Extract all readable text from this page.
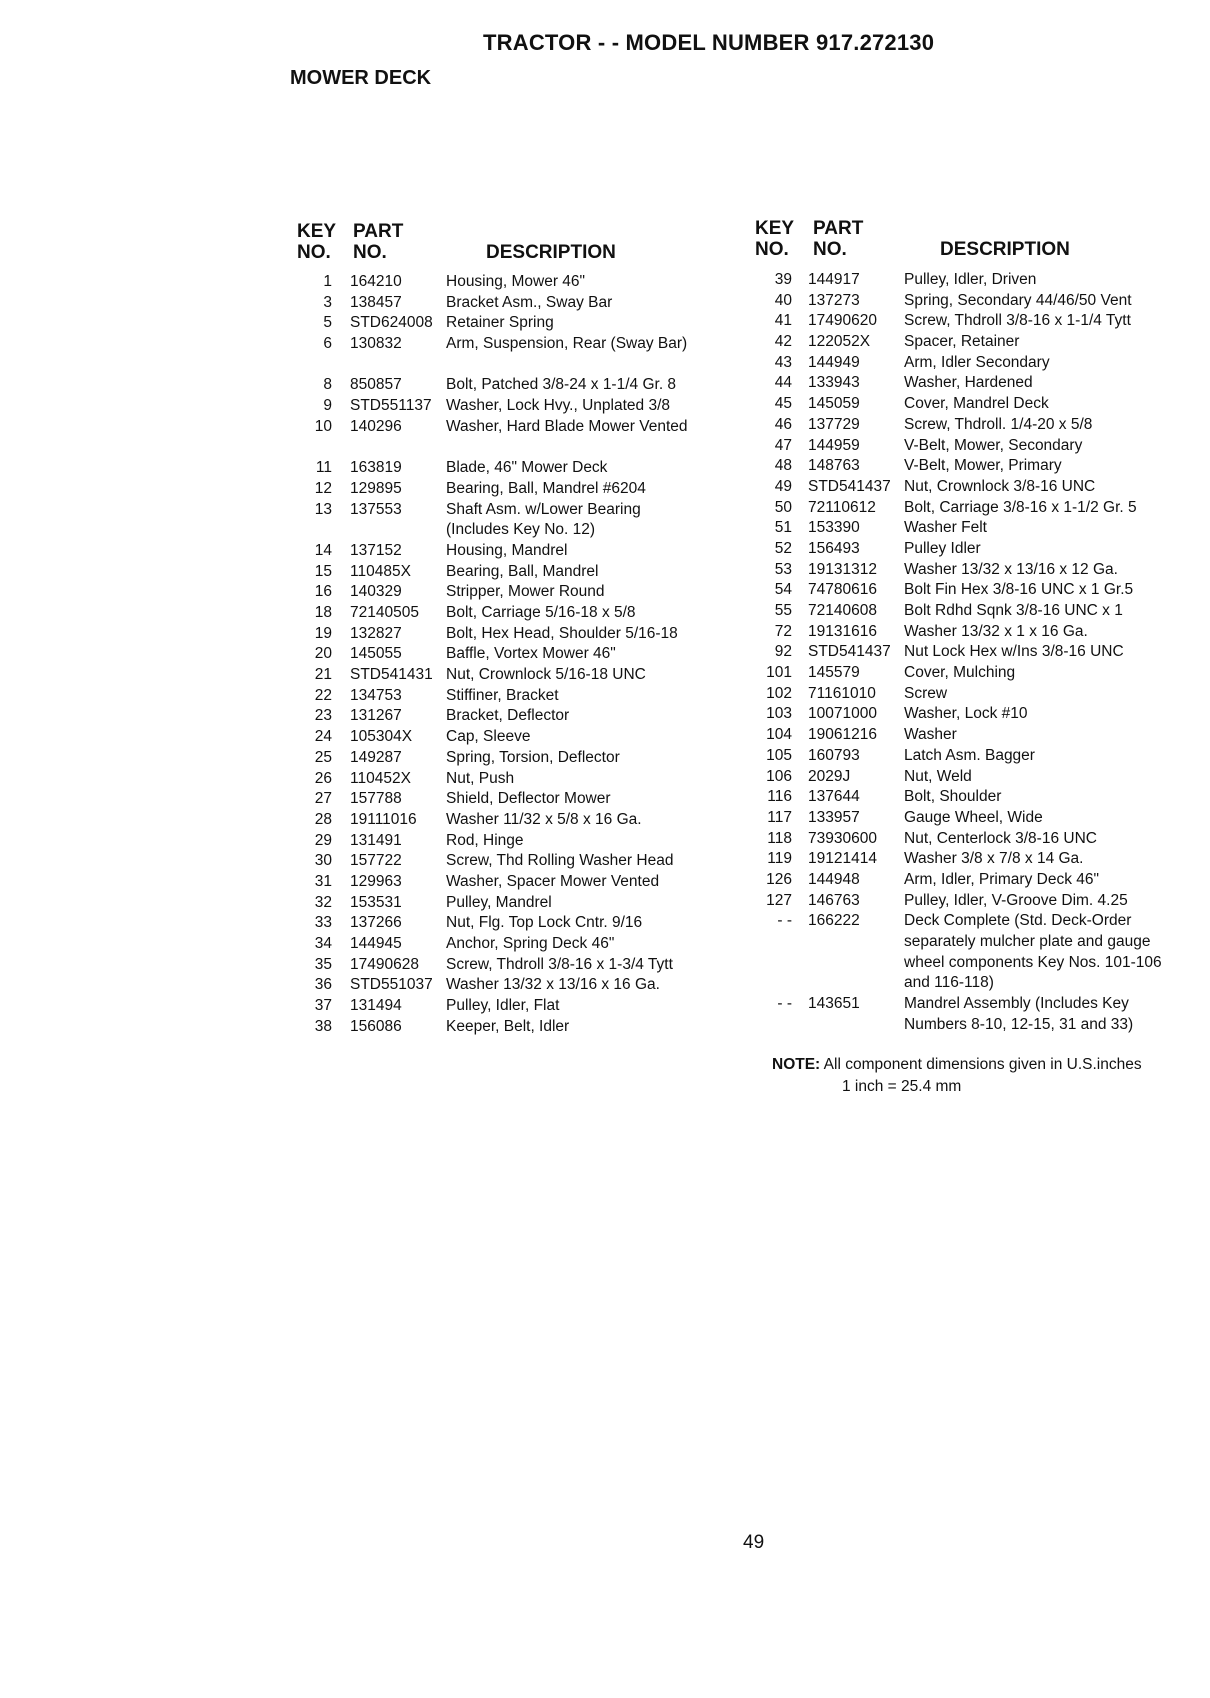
TRACTOR - - MODEL NUMBER 917.272130
MOWER DECK
KEY PART
NO. NO.	DESCRIPTION
KEY PART
NO. NO.	DESCRIPTION
1 164210	Housing, Mower 46"
3 138457	Bracket Asm., Sway Bar
5 STD624008 Retainer Spring
6 130832	Arm, Suspension, Rear (Sway Bar)
8 850857	Bolt, Patched 3/8-24 x 1-1/4 Gr. 8
9 STD551137 Washer, Lock Hvy., Unplated 3/8
10 140296	Washer, Hard Blade Mower Vented
11 163819	Blade, 46" Mower Deck
12 129895	Bearing, Ball, Mandrel #6204
13 137553	Shaft Asm. w/Lower Bearing (Includes Key No. 12)
14 137152	Housing, Mandrel
15 110485X	Bearing, Ball, Mandrel
16 140329	Stripper, Mower Round
18 72140505	Bolt, Carriage 5/16-18 x 5/8
19 132827	Bolt, Hex Head, Shoulder 5/16-18
20 145055	Baffle, Vortex Mower 46"
21 STD541431 Nut, Crownlock 5/16-18 UNC
22 134753	Stiffiner, Bracket
23 131267	Bracket, Deflector
24 105304X	Cap, Sleeve
25 149287	Spring, Torsion, Deflector
26 110452X	Nut, Push
27 157788	Shield, Deflector Mower
28 19111016	Washer 11/32 x 5/8 x 16 Ga.
29 131491	Rod, Hinge
30 157722	Screw, Thd Rolling Washer Head
31 129963	Washer, Spacer Mower Vented
32 153531	Pulley, Mandrel
33 137266	Nut, Flg. Top Lock Cntr. 9/16
34 144945	Anchor, Spring Deck 46"
35 17490628	Screw, Thdroll 3/8-16 x 1-3/4 Tytt
36 STD551037 Washer 13/32 x 13/16 x 16 Ga.
37 131494	Pulley, Idler, Flat
38 156086	Keeper, Belt, Idler
39 144917	Pulley, Idler, Driven
40 137273	Spring, Secondary 44/46/50 Vent
41 17490620	Screw, Thdroll 3/8-16 x 1-1/4 Tytt
42 122052X	Spacer, Retainer
43 144949	Arm, Idler Secondary
44 133943	Washer, Hardened
45 145059	Cover, Mandrel Deck
46 137729	Screw, Thdroll. 1/4-20 x 5/8
47 144959	V-Belt, Mower, Secondary
48 148763	V-Belt, Mower, Primary
49 STD541437 Nut, Crownlock 3/8-16 UNC
50 72110612	Bolt, Carriage 3/8-16 x 1-1/2 Gr. 5
51 153390	Washer Felt
52 156493	Pulley Idler
53 19131312	Washer 13/32 x 13/16 x 12 Ga.
54 74780616	Bolt Fin Hex 3/8-16 UNC x 1 Gr.5
55 72140608	Bolt Rdhd Sqnk 3/8-16 UNC x 1
72 19131616	Washer 13/32 x 1 x 16 Ga.
92 STD541437 Nut Lock Hex w/Ins 3/8-16 UNC
101 145579	Cover, Mulching
102 71161010	Screw
103 10071000	Washer, Lock #10
104 19061216	Washer
105 160793	Latch Asm. Bagger
106 2029J	Nut, Weld
116 137644	Bolt, Shoulder
117 133957	Gauge Wheel, Wide
118 73930600	Nut, Centerlock 3/8-16 UNC
119 19121414	Washer 3/8 x 7/8 x 14 Ga.
126 144948	Arm, Idler, Primary Deck 46"
127 146763	Pulley, Idler, V-Groove Dim. 4.25
- - 166222	Deck Complete (Std. Deck-Order separately mulcher plate and gauge wheel components Key Nos. 101-106 and 116-118)
- - 143651	Mandrel Assembly (Includes Key Numbers 8-10, 12-15, 31 and 33)
NOTE: All component dimensions given in U.S.inches
1 inch = 25.4 mm
49
